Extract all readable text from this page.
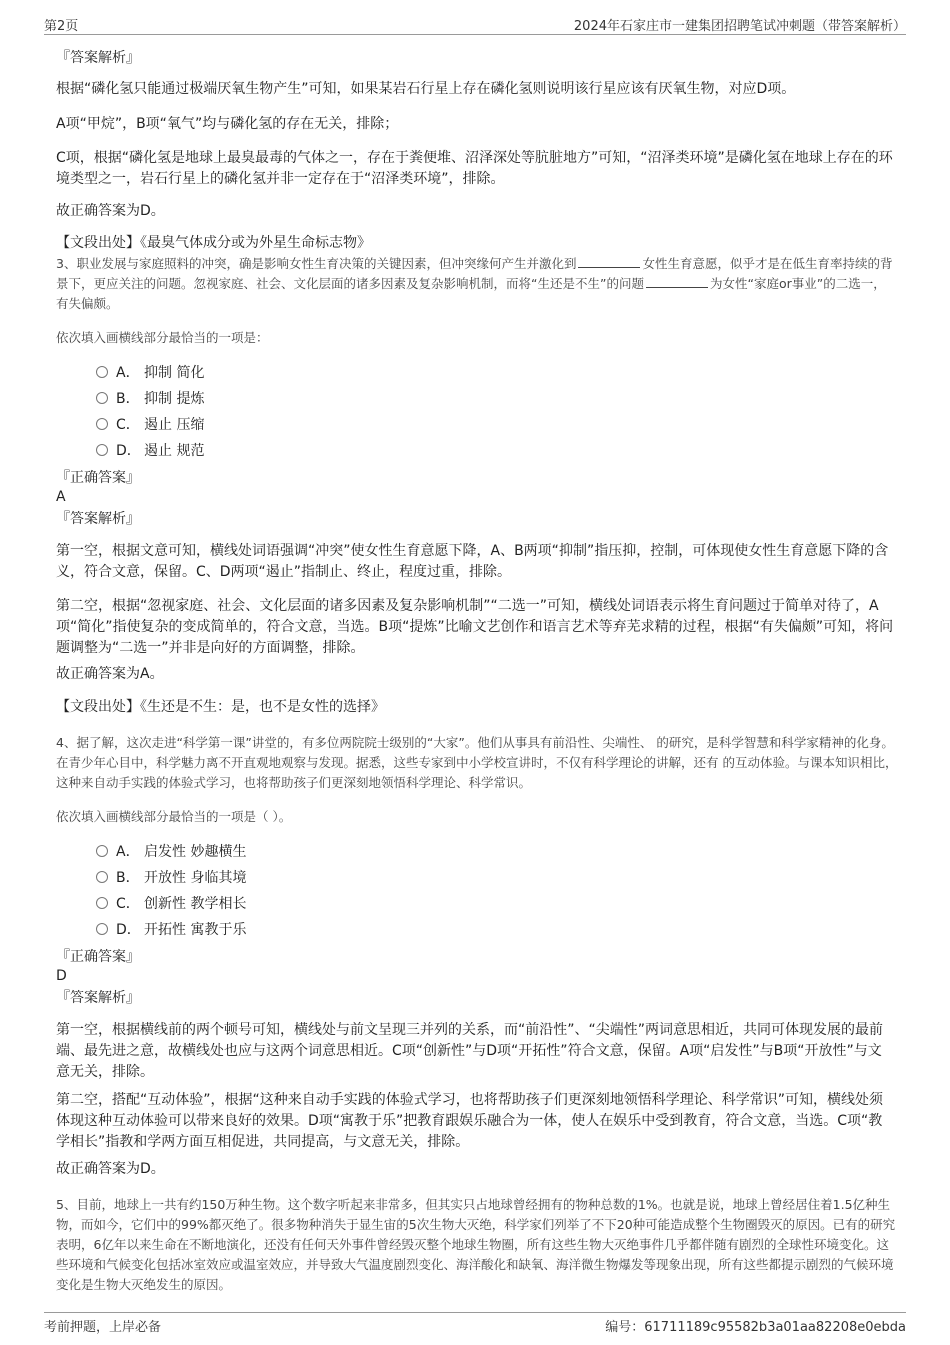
第2页	2024年石家庄市一建集团招聘笔试冲刺题（带答案解析）
『答案解析』
根据“磷化氢只能通过极端厌氧生物产生”可知，如果某岩石行星上存在磷化氢则说明该行星应该有厌氧生物，对应D项。
A项“甲烷”，B项“氧气”均与磷化氢的存在无关，排除；
C项，根据“磷化氢是地球上最臭最毒的气体之一，存在于粪便堆、沼泽深处等肮脏地方”可知，“沼泽类环境”是磷化氢在地球上存在的环境类型之一，岩石行星上的磷化氢并非一定存在于“沼泽类环境”，排除。
故正确答案为D。
【文段出处】《最臭气体成分或为外星生命标志物》
3、职业发展与家庭照料的冲突，确是影响女性生育决策的关键因素，但冲突缘何产生并激化到	女性生育意愿，似乎才是在低生育率持续的背景下，更应关注的问题。忽视家庭、社会、文化层面的诸多因素及复杂影响机制，而将“生还是不生”的问题	为女性“家庭or事业”的二选一，有失偏颇。
依次填入画横线部分最恰当的一项是：
A． 抑制 简化
B． 抑制 提炼
C． 遏止 压缩
D． 遏止 规范
『正确答案』
A
『答案解析』
第一空，根据文意可知，横线处词语强调“冲突”使女性生育意愿下降，A、B两项“抑制”指压抑，控制，可体现使女性生育意愿下降的含义，符合文意，保留。C、D两项“遏止”指制止、终止，程度过重，排除。
第二空，根据“忽视家庭、社会、文化层面的诸多因素及复杂影响机制”“二选一”可知，横线处词语表示将生育问题过于简单对待了，A项“简化”指使复杂的变成简单的，符合文意，当选。B项“提炼”比喻文艺创作和语言艺术等弃芜求精的过程，根据“有失偏颇”可知，将问题调整为“二选一”并非是向好的方面调整，排除。
故正确答案为A。
【文段出处】《生还是不生：是，也不是女性的选择》
4、据了解，这次走进“科学第一课”讲堂的，有多位两院院士级别的“大家”。他们从事具有前沿性、尖端性、 的研究，是科学智慧和科学家精神的化身。在青少年心目中，科学魅力离不开直观地观察与发现。据悉，这些专家到中小学校宣讲时，不仅有科学理论的讲解，还有 的互动体验。与课本知识相比，这种来自动手实践的体验式学习，也将帮助孩子们更深刻地领悟科学理论、科学常识。
依次填入画横线部分最恰当的一项是（ ）。
A． 启发性 妙趣横生
B． 开放性 身临其境
C． 创新性 教学相长
D． 开拓性 寓教于乐
『正确答案』
D
『答案解析』
第一空，根据横线前的两个顿号可知，横线处与前文呈现三并列的关系，而“前沿性”、“尖端性”两词意思相近，共同可体现发展的最前端、最先进之意，故横线处也应与这两个词意思相近。C项“创新性”与D项“开拓性”符合文意，保留。A项“启发性”与B项“开放性”与文意无关，排除。
第二空，搭配“互动体验”，根据“这种来自动手实践的体验式学习，也将帮助孩子们更深刻地领悟科学理论、科学常识”可知，横线处须体现这种互动体验可以带来良好的效果。D项“寓教于乐”把教育跟娱乐融合为一体，使人在娱乐中受到教育，符合文意，当选。C项“教学相长”指教和学两方面互相促进，共同提高，与文意无关，排除。
故正确答案为D。
5、目前，地球上一共有约150万种生物。这个数字听起来非常多，但其实只占地球曾经拥有的物种总数的1%。也就是说，地球上曾经居住着1.5亿种生物，而如今，它们中的99%都灭绝了。很多物种消失于显生宙的5次生物大灭绝，科学家们列举了不下20种可能造成整个生物圈毁灭的原因。已有的研究表明，6亿年以来生命在不断地演化，还没有任何天外事件曾经毁灭整个地球生物圈，所有这些生物大灭绝事件几乎都伴随有剧烈的全球性环境变化。这些环境和气候变化包括冰室效应或温室效应，并导致大气温度剧烈变化、海洋酸化和缺氧、海洋微生物爆发等现象出现，所有这些都提示剧烈的气候环境变化是生物大灭绝发生的原因。
考前押题，上岸必备	编号：61711189c95582b3a01aa82208e0ebda
